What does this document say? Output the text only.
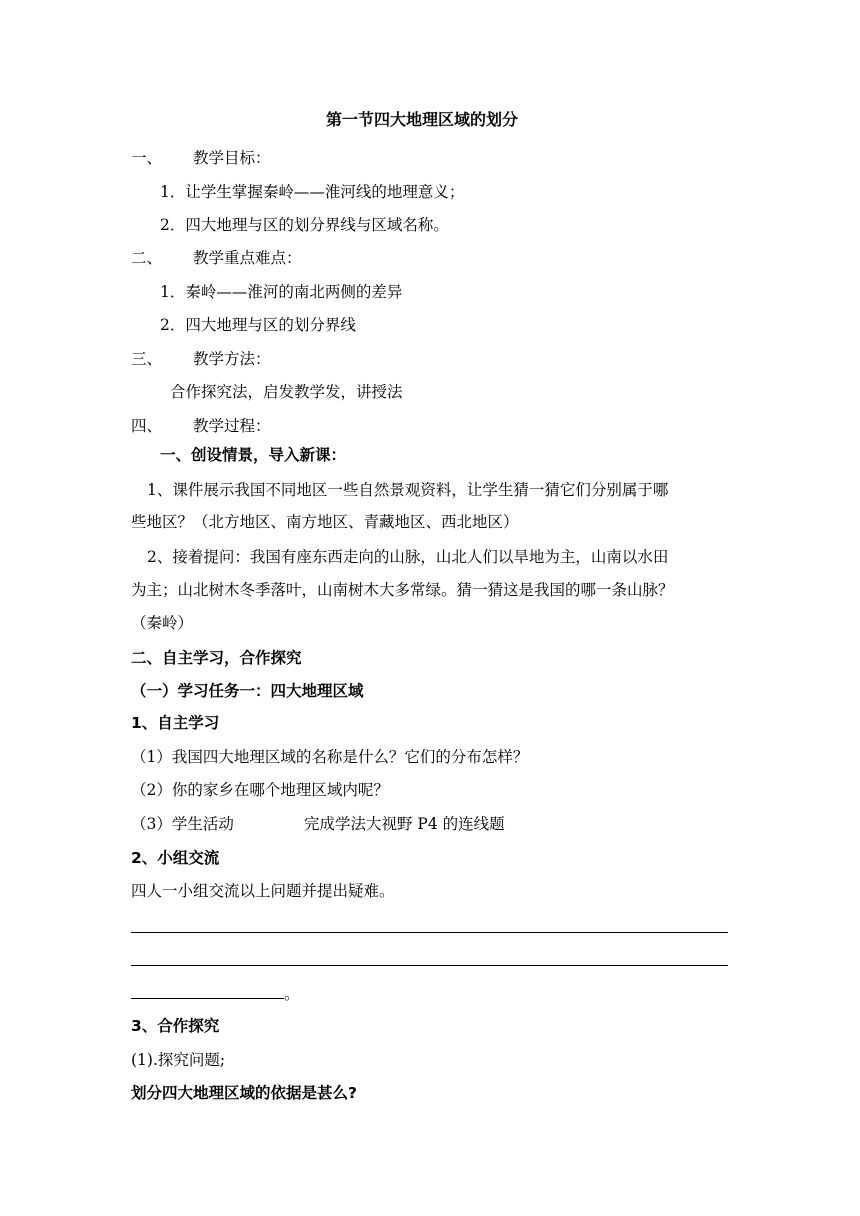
第一节四大地理区域的划分
一、 教学目标：
1．让学生掌握秦岭——淮河线的地理意义；
2．四大地理与区的划分界线与区域名称。
二、 教学重点难点：
1．秦岭——淮河的南北两侧的差异
2．四大地理与区的划分界线
三、 教学方法：
合作探究法，启发教学发，讲授法
四、 教学过程：
一、创设情景，导入新课：
1、课件展示我国不同地区一些自然景观资料，让学生猜一猜它们分别属于哪
些地区？（北方地区、南方地区、青藏地区、西北地区）
2、接着提问：我国有座东西走向的山脉，山北人们以旱地为主，山南以水田
为主；山北树木冬季落叶，山南树木大多常绿。猜一猜这是我国的哪一条山脉？
（秦岭）
二、自主学习，合作探究
（一）学习任务一：四大地理区域
1、自主学习
（1）我国四大地理区域的名称是什么？它们的分布怎样？
（2）你的家乡在哪个地理区域内呢？
（3）学生活动	完成学法大视野 P4 的连线题
2、小组交流
四人一小组交流以上问题并提出疑难。
。
3、合作探究
(1).探究问题;
划分四大地理区域的依据是甚么?
